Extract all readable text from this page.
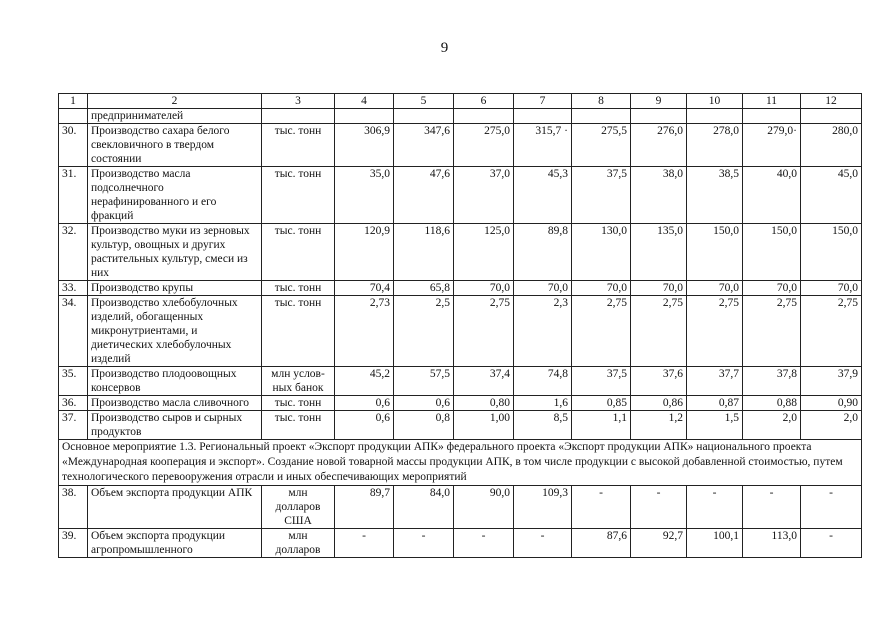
9
1	2	3	4	5	6	7	8	9	10	11	12
	предпринимателей										
30.	Производство сахара белого свекловичного в твердом состоянии	тыс. тонн	306,9	347,6	275,0	315,7 ·	275,5	276,0	278,0	279,0·	280,0
31.	Производство масла подсолнечного нерафинированного и его фракций	тыс. тонн	35,0	47,6	37,0	45,3	37,5	38,0	38,5	40,0	45,0
32.	Производство муки из зерновых культур, овощных и других растительных культур, смеси из них	тыс. тонн	120,9	118,6	125,0	89,8	130,0	135,0	150,0	150,0	150,0
33.	Производство крупы	тыс. тонн	70,4	65,8	70,0	70,0	70,0	70,0	70,0	70,0	70,0
34.	Производство хлебобулочных изделий, обогащенных микронутриентами, и диетических хлебобулочных изделий	тыс. тонн	2,73	2,5	2,75	2,3	2,75	2,75	2,75	2,75	2,75
35.	Производство плодоовощных консервов	млн услов-ных банок	45,2	57,5	37,4	74,8	37,5	37,6	37,7	37,8	37,9
36.	Производство масла сливочного	тыс. тонн	0,6	0,6	0,80	1,6	0,85	0,86	0,87	0,88	0,90
37.	Производство сыров и сырных продуктов	тыс. тонн	0,6	0,8	1,00	8,5	1,1	1,2	1,5	2,0	2,0
Основное мероприятие 1.3. Региональный проект «Экспорт продукции АПК» федерального проекта «Экспорт продукции АПК» национального проекта «Международная кооперация и экспорт». Создание новой товарной массы продукции АПК, в том числе продукции с высокой добавленной стоимостью, путем технологического перевооружения отрасли и иных обеспечивающих мероприятий											
38.	Объем экспорта продукции АПК	млн долларов США	89,7	84,0	90,0	109,3	-	-	-	-	-
39.	Объем экспорта продукции агропромышленного	млн долларов	-	-	-	-	87,6	92,7	100,1	113,0	-
